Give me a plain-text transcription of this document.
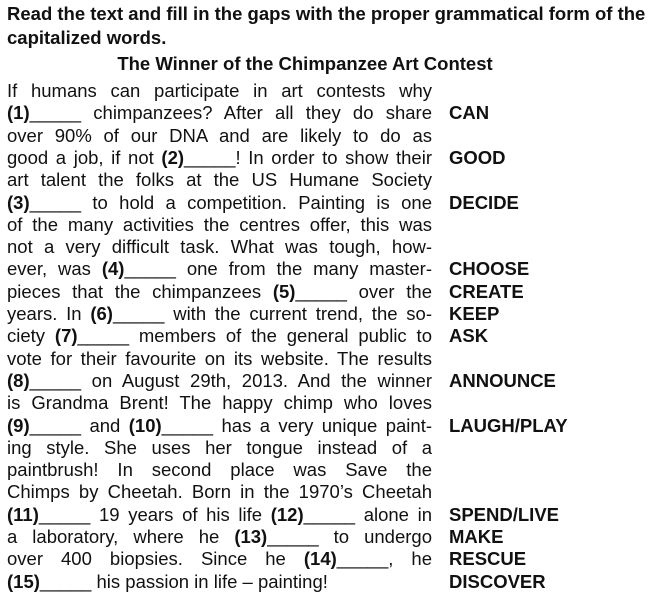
Read the text and fill in the gaps with the proper grammatical form of the capitalized words.

The Winner of the Chimpanzee Art Contest

If humans can participate in art contests why
(1)_____ chimpanzees? After all they do share
over 90% of our DNA and are likely to do as
good a job, if not (2)_____! In order to show their
art talent the folks at the US Humane Society
(3)_____ to hold a competition. Painting is one
of the many activities the centres offer, this was
not a very difficult task. What was tough, how-
ever, was (4)_____ one from the many master-
pieces that the chimpanzees (5)_____ over the
years. In (6)_____ with the current trend, the so-
ciety (7)_____ members of the general public to
vote for their favourite on its website. The results
(8)_____ on August 29th, 2013. And the winner
is Grandma Brent! The happy chimp who loves
(9)_____ and (10)_____ has a very unique paint-
ing style. She uses her tongue instead of a
paintbrush! In second place was Save the
Chimps by Cheetah. Born in the 1970’s Cheetah
(11)_____ 19 years of his life (12)_____ alone in
a laboratory, where he (13)_____ to undergo
over 400 biopsies. Since he (14)_____, he
(15)_____ his passion in life – painting!
CAN
GOOD
DECIDE
CHOOSE
CREATE
KEEP
ASK
ANNOUNCE
LAUGH/PLAY
SPEND/LIVE
MAKE
RESCUE
DISCOVER
